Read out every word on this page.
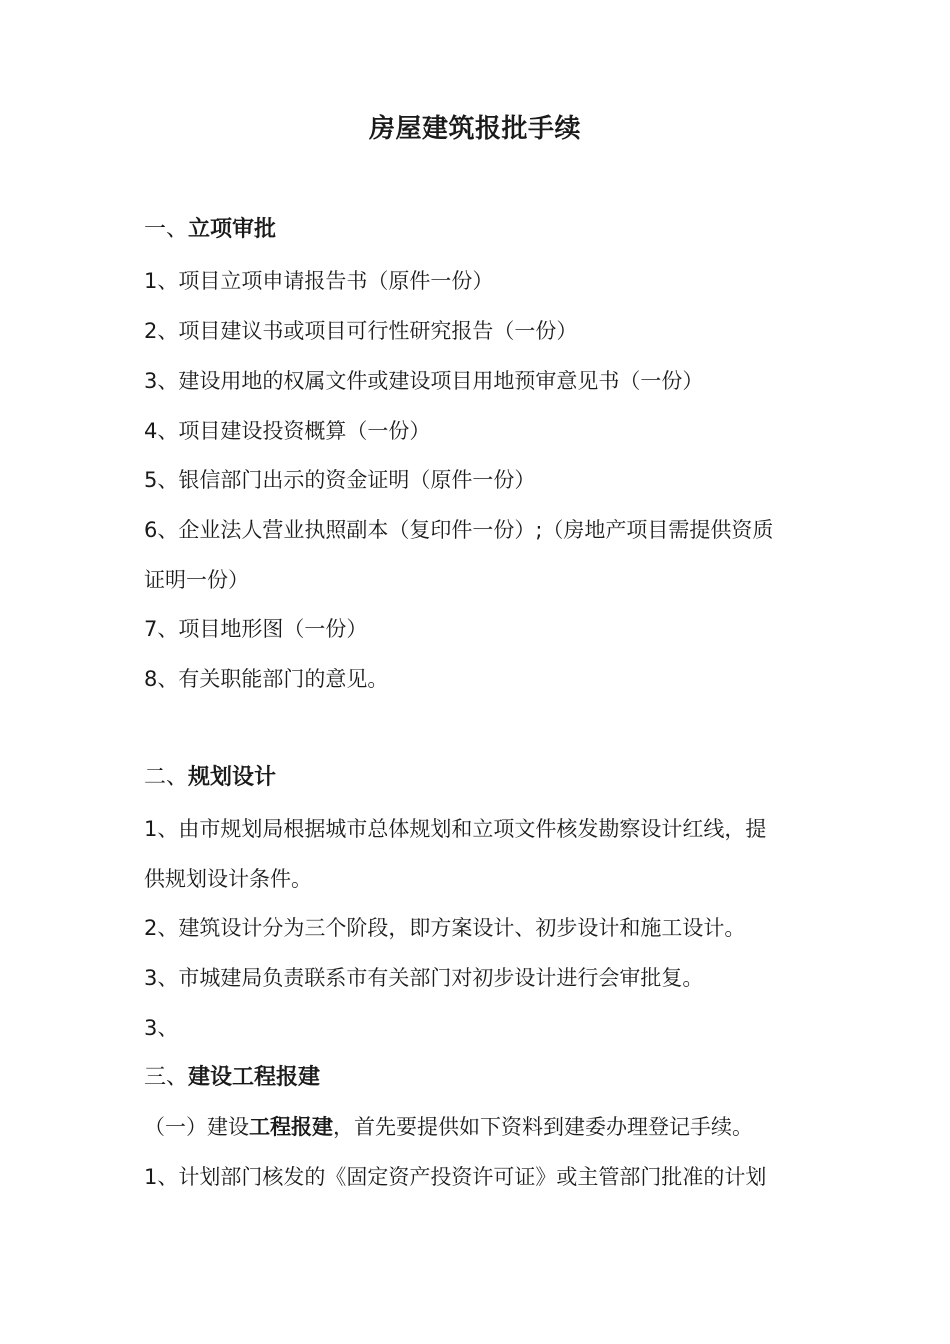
房屋建筑报批手续
一、立项审批
1、项目立项申请报告书（原件一份）
2、项目建议书或项目可行性研究报告（一份）
3、建设用地的权属文件或建设项目用地预审意见书（一份）
4、项目建设投资概算（一份）
5、银信部门出示的资金证明（原件一份）
6、企业法人营业执照副本（复印件一份）;（房地产项目需提供资质
证明一份）
7、项目地形图（一份）
8、有关职能部门的意见。
二、规划设计
1、由市规划局根据城市总体规划和立项文件核发勘察设计红线，提
供规划设计条件。
2、建筑设计分为三个阶段，即方案设计、初步设计和施工设计。
3、市城建局负责联系市有关部门对初步设计进行会审批复。
3、
三、建设工程报建
（一）建设工程报建，首先要提供如下资料到建委办理登记手续。
1、计划部门核发的《固定资产投资许可证》或主管部门批准的计划
